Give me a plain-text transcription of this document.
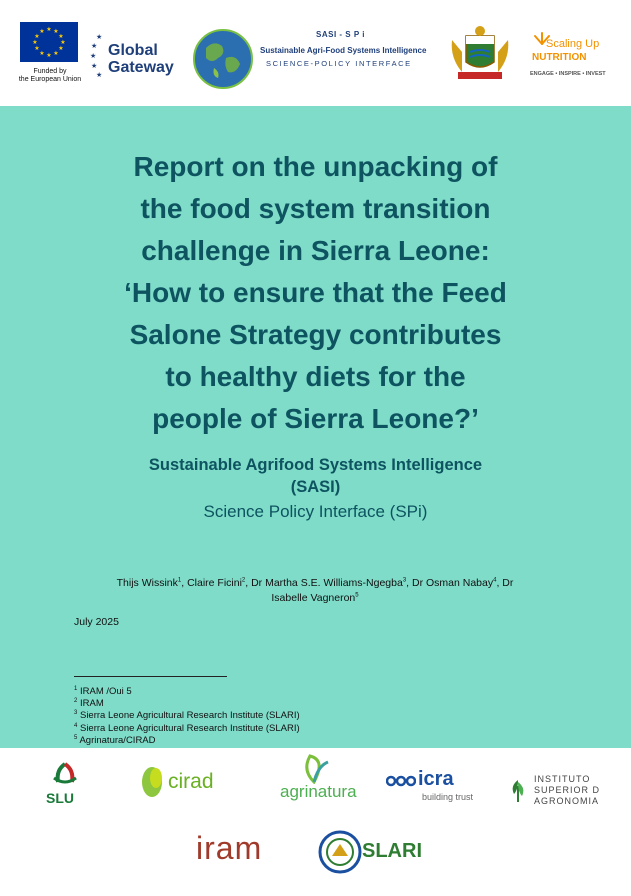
★ ★
★
★
★
★
★
★
★
★
★
★
Funded by
the European Union
★
★
★
★
★
Global
Gateway
SASI - S P i
Sustainable Agri-Food Systems Intelligence
SCIENCE-POLICY INTERFACE
Scaling Up
NUTRITION
ENGAGE • INSPIRE • INVEST
Report on the unpacking of
the food system transition
challenge in Sierra Leone:
‘How to ensure that the Feed
Salone Strategy contributes
to healthy diets for the
people of Sierra Leone?’
Sustainable Agrifood Systems Intelligence
(SASI)
Science Policy Interface (SPi)
Thijs Wissink$^1$, Claire Ficini$^2$, Dr Martha S.E. Williams-Ngegba$^3$, Dr Osman Nabay$^4$, Dr
Isabelle Vagneron$^5$
July 2025
$^1$ IRAM /Oui 5
$^2$ IRAM
$^3$ Sierra Leone Agricultural Research Institute (SLARI)
$^4$ Sierra Leone Agricultural Research Institute (SLARI)
$^5$ Agrinatura/CIRAD
SLU
cirad	agrinatura
icra
building trust
INSTITUTO
SUPERIOR D
AGRONOMIA
iram	SLARI
